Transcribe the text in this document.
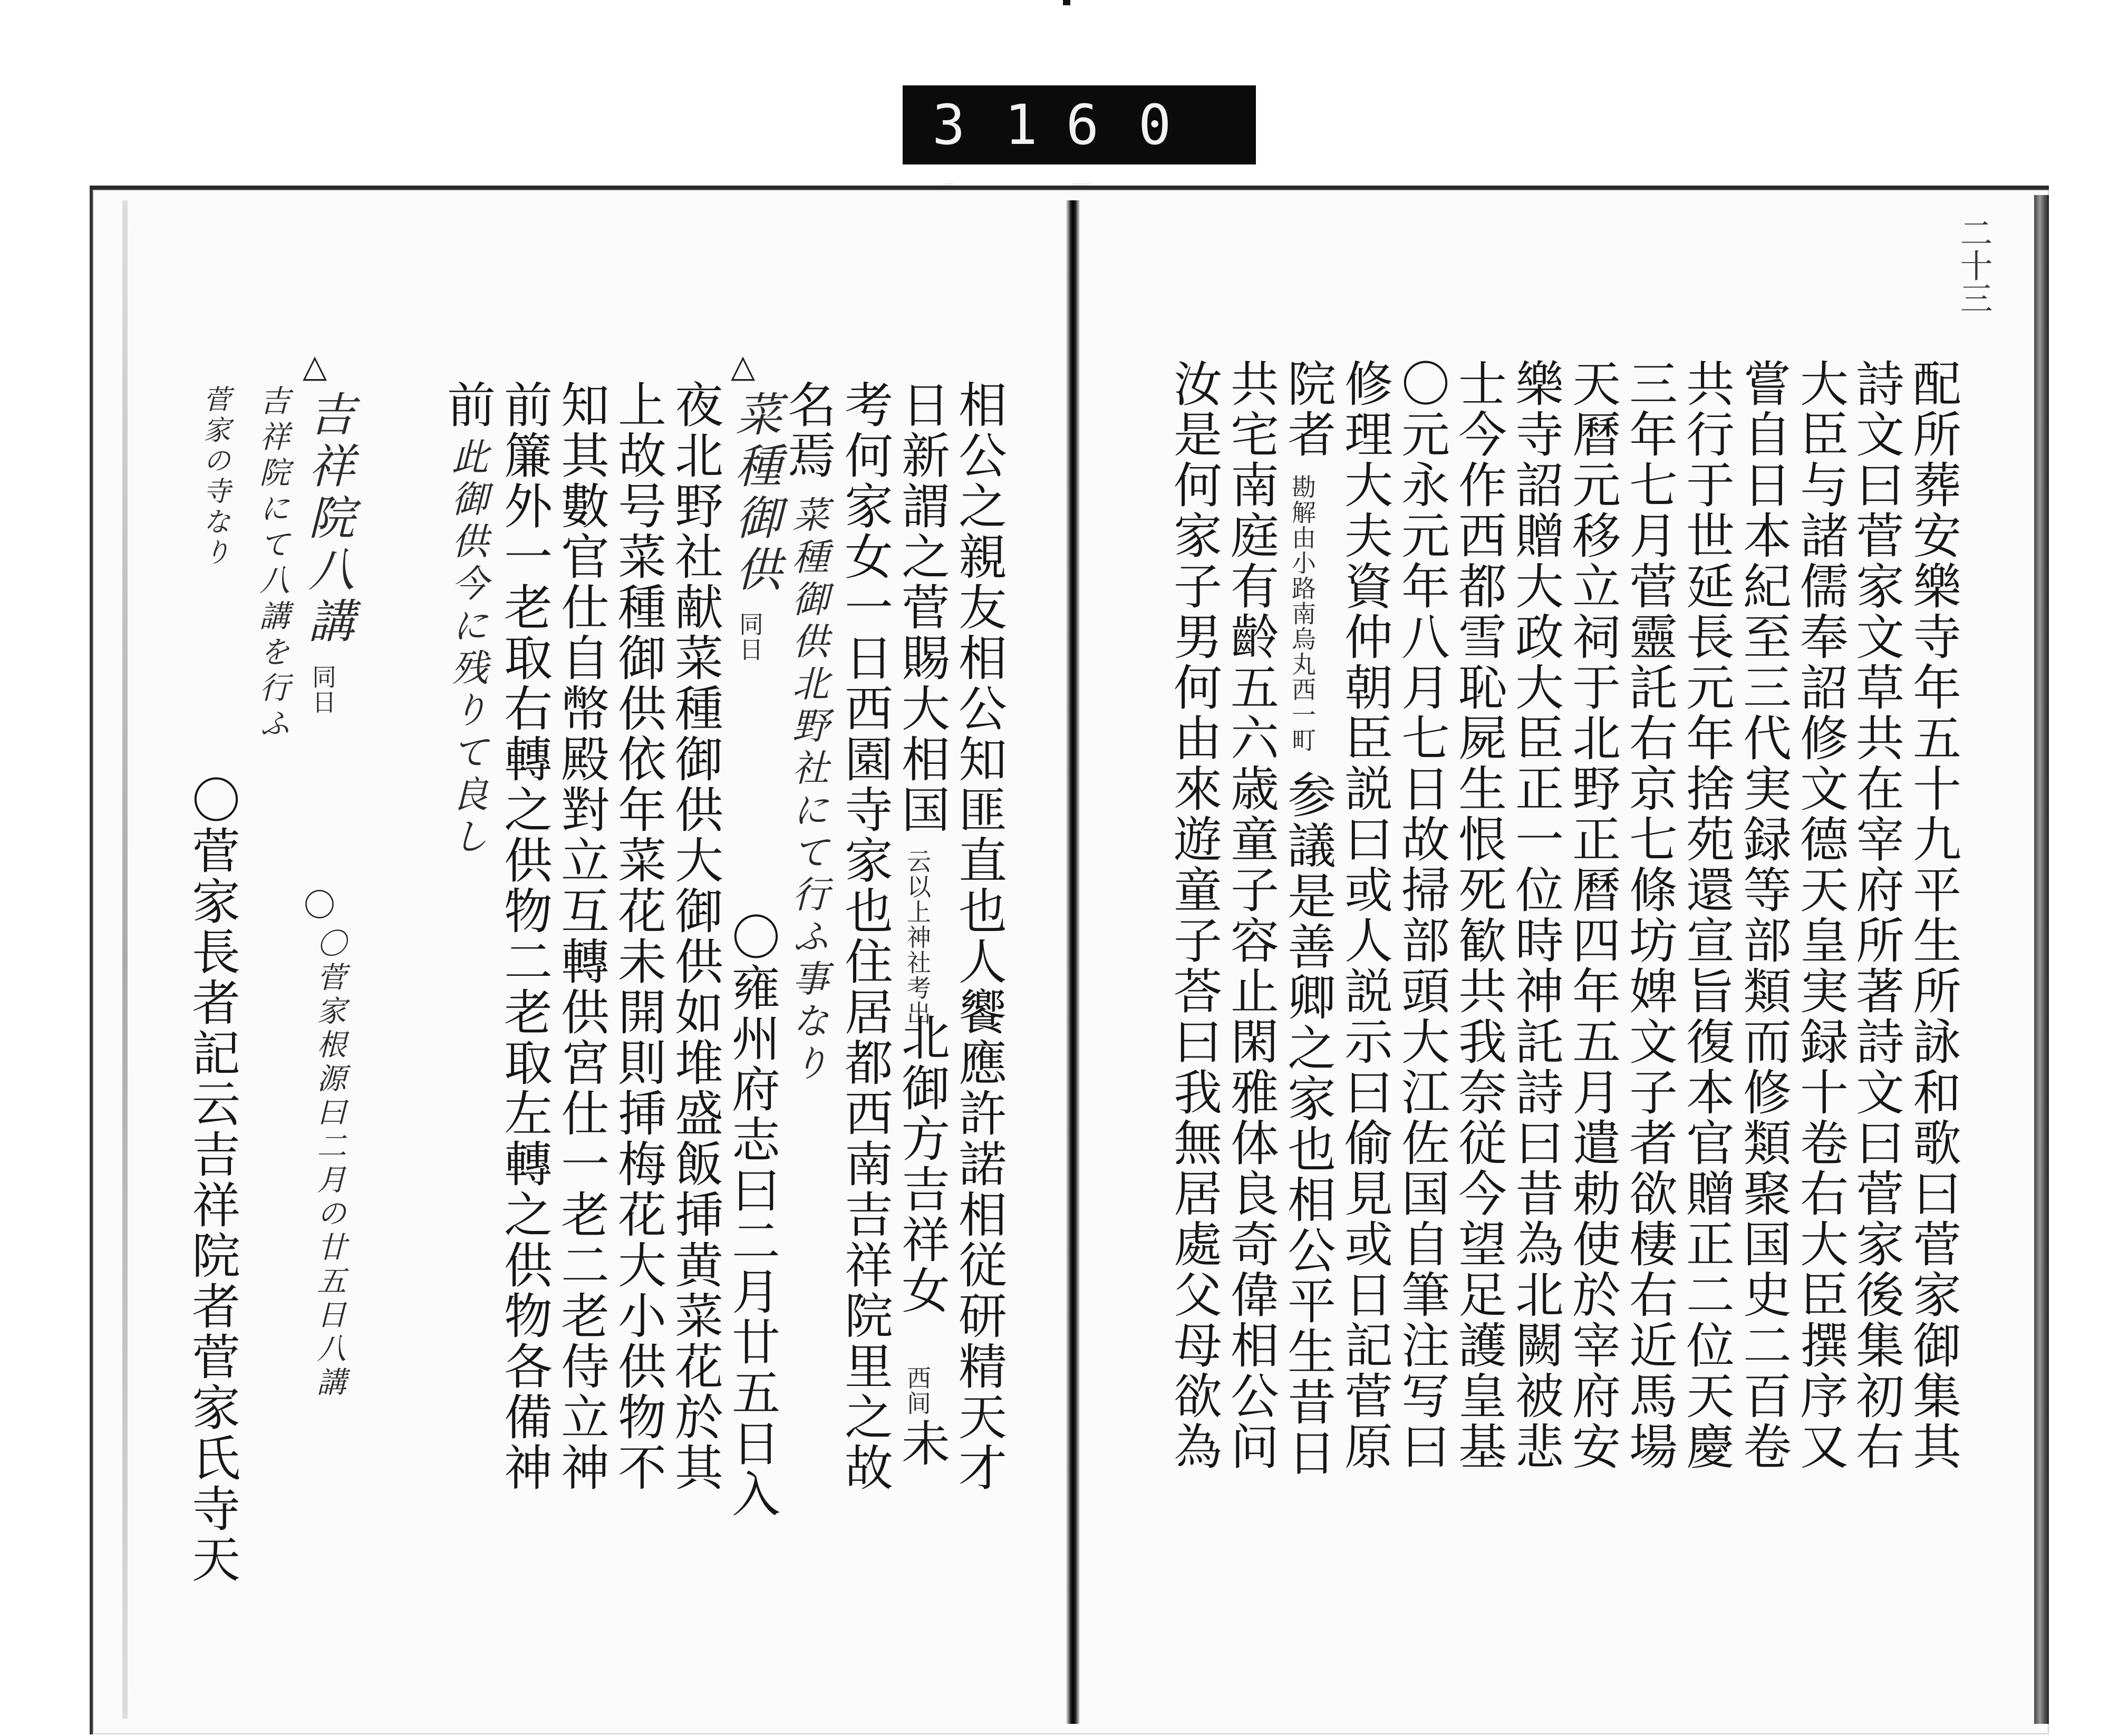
3 1 6 0
二十三
配所葬安樂寺年五十九平生所詠和歌曰菅家御集其
詩文曰菅家文草共在宰府所著詩文曰菅家後集初右
大臣与諸儒奉詔修文德天皇実録十卷右大臣撰序又
嘗自日本紀至三代実録等部類而修類聚国史二百卷
共行于世延長元年捨苑還宣旨復本官贈正二位天慶
三年七月菅靈託右京七條坊婢文子者欲棲右近馬場
天曆元移立祠于北野正曆四年五月遣勅使於宰府安
樂寺詔贈大政大臣正一位時神託詩曰昔為北闕被悲
士今作西都雪恥屍生恨死歓共我奈従今望足護皇基
〇元永元年八月七日故掃部頭大江佐国自筆注写曰
修理大夫資仲朝臣説曰或人説示曰偷見或日記菅原
院者
勘解由小路南烏丸西一町
参議是善卿之家也相公平生昔日
共宅南庭有齡五六歳童子容止閑雅体良奇偉相公问
汝是何家子男何由來遊童子荅曰我無居處父母欲為
相公之親友相公知匪直也人饗應許諾相従研精天才
日新謂之菅賜大相国
云以上神社考出
北御方吉祥女
西间
未
考何家女一日西園寺家也住居都西南吉祥院里之故
名焉
菜種御供北野社にて行ふ事なり
△
菜種御供
同日
〇雍州府志曰二月廿五日入
夜北野社献菜種御供大御供如堆盛飯挿黄菜花於其
上故号菜種御供依年菜花未開則挿梅花大小供物不
知其數官仕自幣殿對立互轉供宮仕一老二老侍立神
前簾外一老取右轉之供物二老取左轉之供物各備神
前
此御供今に残りて良し
△
吉祥院八講
同日
〇
〇菅家根源曰二月の廿五日八講
吉祥院にて八講を行ふ
菅家の寺なり
〇菅家長者記云吉祥院者菅家氏寺天
